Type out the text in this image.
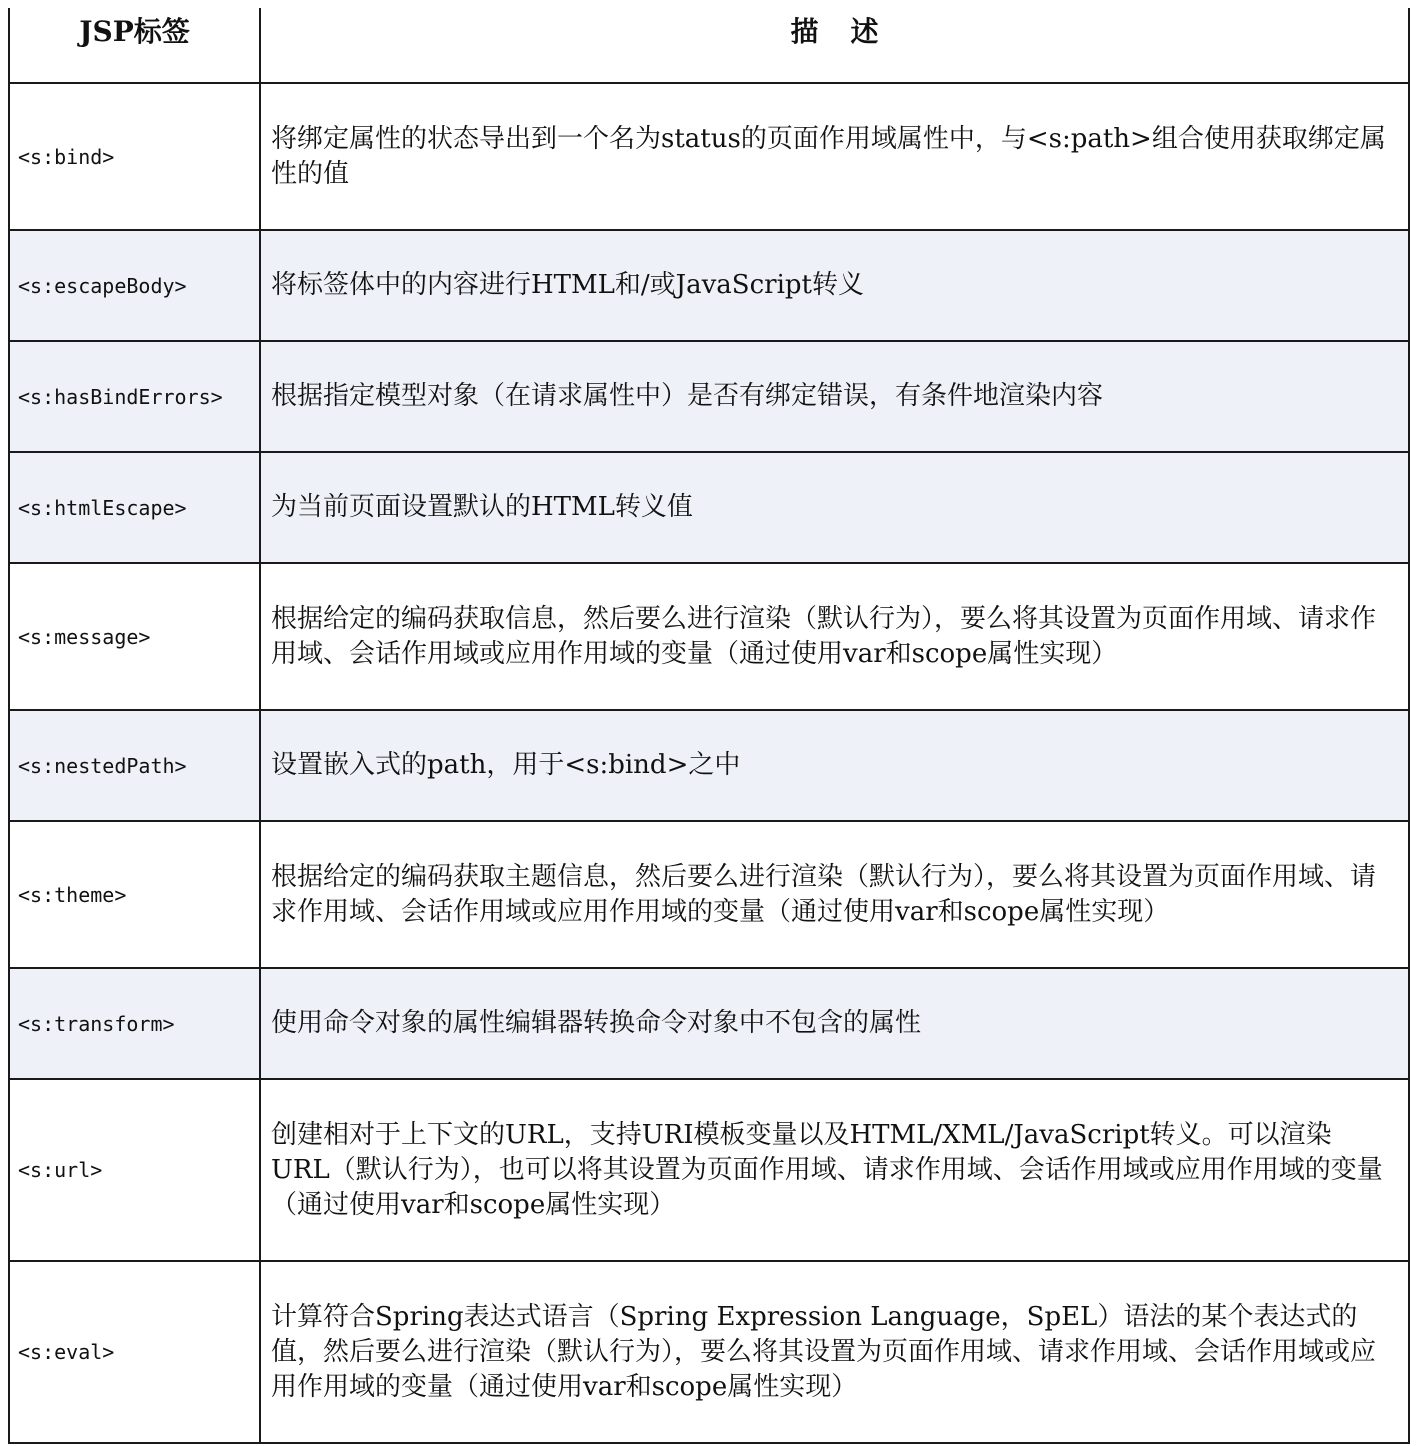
JSP标签	描述
<s:bind>	将绑定属性的状态导出到一个名为status的页面作用域属性中，与<s:path>组合使用获取绑定属性的值
<s:escapeBody>	将标签体中的内容进行HTML和/或JavaScript转义
<s:hasBindErrors>	根据指定模型对象（在请求属性中）是否有绑定错误，有条件地渲染内容
<s:htmlEscape>	为当前页面设置默认的HTML转义值
<s:message>	根据给定的编码获取信息，然后要么进行渲染（默认行为），要么将其设置为页面作用域、请求作用域、会话作用域或应用作用域的变量（通过使用var和scope属性实现）
<s:nestedPath>	设置嵌入式的path，用于<s:bind>之中
<s:theme>	根据给定的编码获取主题信息，然后要么进行渲染（默认行为），要么将其设置为页面作用域、请求作用域、会话作用域或应用作用域的变量（通过使用var和scope属性实现）
<s:transform>	使用命令对象的属性编辑器转换命令对象中不包含的属性
<s:url>	创建相对于上下文的URL，支持URI模板变量以及HTML/XML/JavaScript转义。可以渲染URL（默认行为），也可以将其设置为页面作用域、请求作用域、会话作用域或应用作用域的变量（通过使用var和scope属性实现）
<s:eval>	计算符合Spring表达式语言（Spring Expression Language，SpEL）语法的某个表达式的值，然后要么进行渲染（默认行为），要么将其设置为页面作用域、请求作用域、会话作用域或应用作用域的变量（通过使用var和scope属性实现）
